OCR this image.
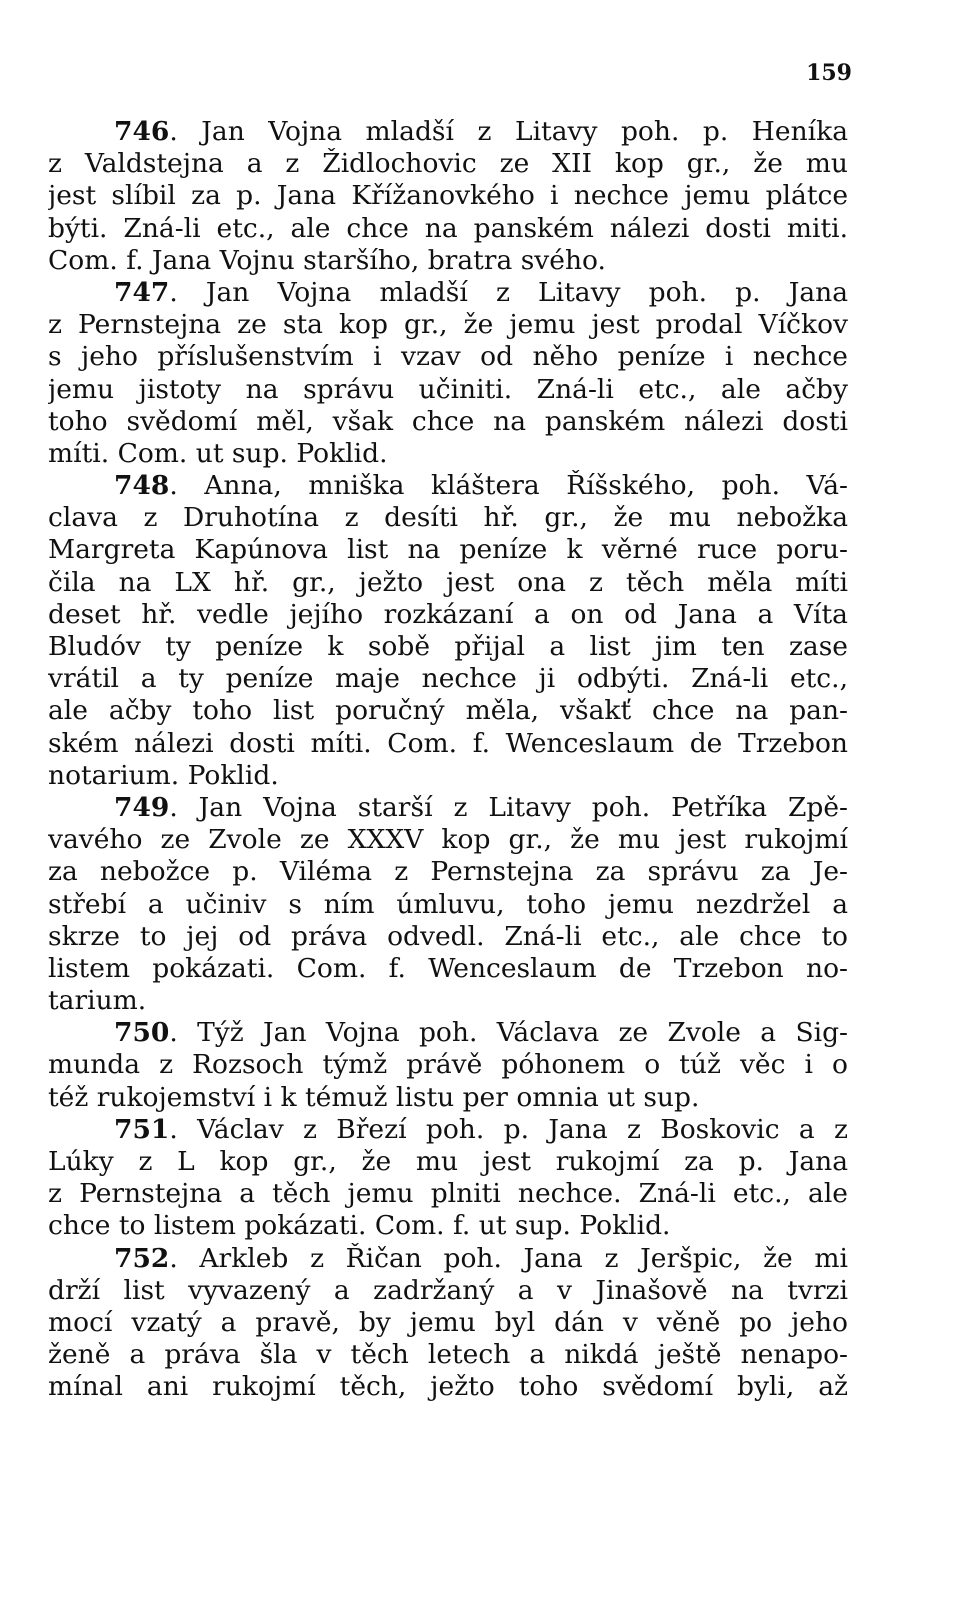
159
746. Jan Vojna mladší z Litavy poh. p. Heníka
z Valdstejna a z Židlochovic ze XII kop gr., že mu
jest slíbil za p. Jana Křížanovkého i nechce jemu plátce
býti. Zná-li etc., ale chce na panském nálezi dosti miti.
Com. f. Jana Vojnu staršího, bratra svého.
747. Jan Vojna mladší z Litavy poh. p. Jana
z Pernstejna ze sta kop gr., že jemu jest prodal Víčkov
s jeho příslušenstvím i vzav od něho peníze i nechce
jemu jistoty na správu učiniti. Zná-li etc., ale ačby
toho svědomí měl, však chce na panském nálezi dosti
míti. Com. ut sup. Poklid.
748. Anna, mniška kláštera Říšského, poh. Vá-
clava z Druhotína z desíti hř. gr., že mu nebožka
Margreta Kapúnova list na peníze k věrné ruce poru-
čila na LX hř. gr., ježto jest ona z těch měla míti
deset hř. vedle jejího rozkázaní a on od Jana a Víta
Bludóv ty peníze k sobě přijal a list jim ten zase
vrátil a ty peníze maje nechce ji odbýti. Zná-li etc.,
ale ačby toho list poručný měla, všakť chce na pan-
ském nálezi dosti míti. Com. f. Wenceslaum de Trzebon
notarium. Poklid.
749. Jan Vojna starší z Litavy poh. Petříka Zpě-
vavého ze Zvole ze XXXV kop gr., že mu jest rukojmí
za nebožce p. Viléma z Pernstejna za správu za Je-
střebí a učiniv s ním úmluvu, toho jemu nezdržel a
skrze to jej od práva odvedl. Zná-li etc., ale chce to
listem pokázati. Com. f. Wenceslaum de Trzebon no-
tarium.
750. Týž Jan Vojna poh. Václava ze Zvole a Sig-
munda z Rozsoch týmž právě póhonem o túž věc i o
též rukojemství i k témuž listu per omnia ut sup.
751. Václav z Březí poh. p. Jana z Boskovic a z
Lúky z L kop gr., že mu jest rukojmí za p. Jana
z Pernstejna a těch jemu plniti nechce. Zná-li etc., ale
chce to listem pokázati. Com. f. ut sup. Poklid.
752. Arkleb z Řičan poh. Jana z Jeršpic, že mi
drží list vyvazený a zadržaný a v Jinašově na tvrzi
mocí vzatý a pravě, by jemu byl dán v věně po jeho
ženě a práva šla v těch letech a nikdá ještě nenapo-
mínal ani rukojmí těch, ježto toho svědomí byli, až
